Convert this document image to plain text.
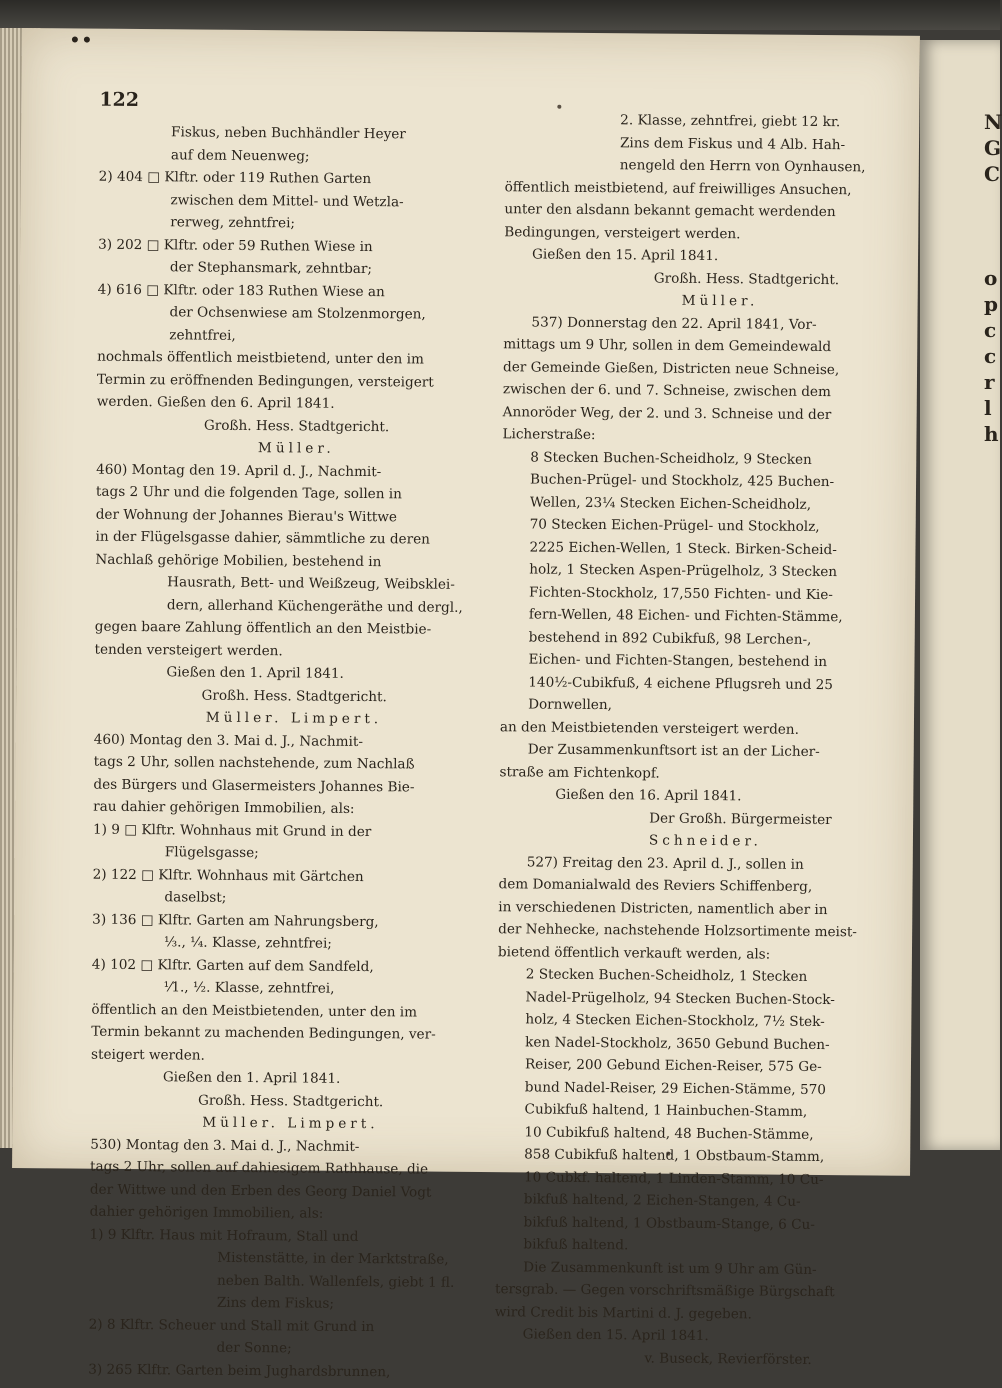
122
Fiskus, neben Buchhändler Heyer
auf dem Neuenweg;
2) 404 □ Klftr. oder 119 Ruthen Garten
zwischen dem Mittel- und Wetzla-
rerweg, zehntfrei;
3) 202 □ Klftr. oder 59 Ruthen Wiese in
der Stephansmark, zehntbar;
4) 616 □ Klftr. oder 183 Ruthen Wiese an
der Ochsenwiese am Stolzenmorgen,
zehntfrei,
nochmals öffentlich meistbietend, unter den im
Termin zu eröffnenden Bedingungen, versteigert
werden. Gießen den 6. April 1841.
Großh. Hess. Stadtgericht.
Müller.
460) Montag den 19. April d. J., Nachmit-
tags 2 Uhr und die folgenden Tage, sollen in
der Wohnung der Johannes Bierau's Wittwe
in der Flügelsgasse dahier, sämmtliche zu deren
Nachlaß gehörige Mobilien, bestehend in
Hausrath, Bett- und Weißzeug, Weibsklei-
dern, allerhand Küchengeräthe und dergl.,
gegen baare Zahlung öffentlich an den Meistbie-
tenden versteigert werden.
Gießen den 1. April 1841.
Großh. Hess. Stadtgericht.
Müller. Limpert.
460) Montag den 3. Mai d. J., Nachmit-
tags 2 Uhr, sollen nachstehende, zum Nachlaß
des Bürgers und Glasermeisters Johannes Bie-
rau dahier gehörigen Immobilien, als:
1) 9 □ Klftr. Wohnhaus mit Grund in der
Flügelsgasse;
2) 122 □ Klftr. Wohnhaus mit Gärtchen
daselbst;
3) 136 □ Klftr. Garten am Nahrungsberg,
⅓., ¼. Klasse, zehntfrei;
4) 102 □ Klftr. Garten auf dem Sandfeld,
⅟1., ½. Klasse, zehntfrei,
öffentlich an den Meistbietenden, unter den im
Termin bekannt zu machenden Bedingungen, ver-
steigert werden.
Gießen den 1. April 1841.
Großh. Hess. Stadtgericht.
Müller. Limpert.
530) Montag den 3. Mai d. J., Nachmit-
tags 2 Uhr, sollen auf dahiesigem Rathhause, die
der Wittwe und den Erben des Georg Daniel Vogt
dahier gehörigen Immobilien, als:
1) 9 Klftr. Haus mit Hofraum, Stall und
Mistenstätte, in der Marktstraße,
neben Balth. Wallenfels, giebt 1 fl.
Zins dem Fiskus;
2) 8 Klftr. Scheuer und Stall mit Grund in
der Sonne;
3) 265 Klftr. Garten beim Jughardsbrunnen,
2. Klasse, zehntfrei, giebt 12 kr.
Zins dem Fiskus und 4 Alb. Hah-
nengeld den Herrn von Oynhausen,
öffentlich meistbietend, auf freiwilliges Ansuchen,
unter den alsdann bekannt gemacht werdenden
Bedingungen, versteigert werden.
Gießen den 15. April 1841.
Großh. Hess. Stadtgericht.
Müller.
537) Donnerstag den 22. April 1841, Vor-
mittags um 9 Uhr, sollen in dem Gemeindewald
der Gemeinde Gießen, Districten neue Schneise,
zwischen der 6. und 7. Schneise, zwischen dem
Annoröder Weg, der 2. und 3. Schneise und der
Licherstraße:
8 Stecken Buchen-Scheidholz, 9 Stecken
Buchen-Prügel- und Stockholz, 425 Buchen-
Wellen, 23¼ Stecken Eichen-Scheidholz,
70 Stecken Eichen-Prügel- und Stockholz,
2225 Eichen-Wellen, 1 Steck. Birken-Scheid-
holz, 1 Stecken Aspen-Prügelholz, 3 Stecken
Fichten-Stockholz, 17,550 Fichten- und Kie-
fern-Wellen, 48 Eichen- und Fichten-Stämme,
bestehend in 892 Cubikfuß, 98 Lerchen-,
Eichen- und Fichten-Stangen, bestehend in
140½-Cubikfuß, 4 eichene Pflugsreh und 25
Dornwellen,
an den Meistbietenden versteigert werden.
Der Zusammenkunftsort ist an der Licher-
straße am Fichtenkopf.
Gießen den 16. April 1841.
Der Großh. Bürgermeister
Schneider.
527) Freitag den 23. April d. J., sollen in
dem Domanialwald des Reviers Schiffenberg,
in verschiedenen Districten, namentlich aber in
der Nehhecke, nachstehende Holzsortimente meist-
bietend öffentlich verkauft werden, als:
2 Stecken Buchen-Scheidholz, 1 Stecken
Nadel-Prügelholz, 94 Stecken Buchen-Stock-
holz, 4 Stecken Eichen-Stockholz, 7½ Stek-
ken Nadel-Stockholz, 3650 Gebund Buchen-
Reiser, 200 Gebund Eichen-Reiser, 575 Ge-
bund Nadel-Reiser, 29 Eichen-Stämme, 570
Cubikfuß haltend, 1 Hainbuchen-Stamm,
10 Cubikfuß haltend, 48 Buchen-Stämme,
858 Cubikfuß haltend, 1 Obstbaum-Stamm,
10 Cubkf. haltend, 1 Linden-Stamm, 10 Cu-
bikfuß haltend, 2 Eichen-Stangen, 4 Cu-
bikfuß haltend, 1 Obstbaum-Stange, 6 Cu-
bikfuß haltend.
Die Zusammenkunft ist um 9 Uhr am Gün-
tersgrab. — Gegen vorschriftsmäßige Bürgschaft
wird Credit bis Martini d. J. gegeben.
Gießen den 15. April 1841.
v. Buseck, Revierförster.
N
G
C
o
p
c
c
r
l
h
